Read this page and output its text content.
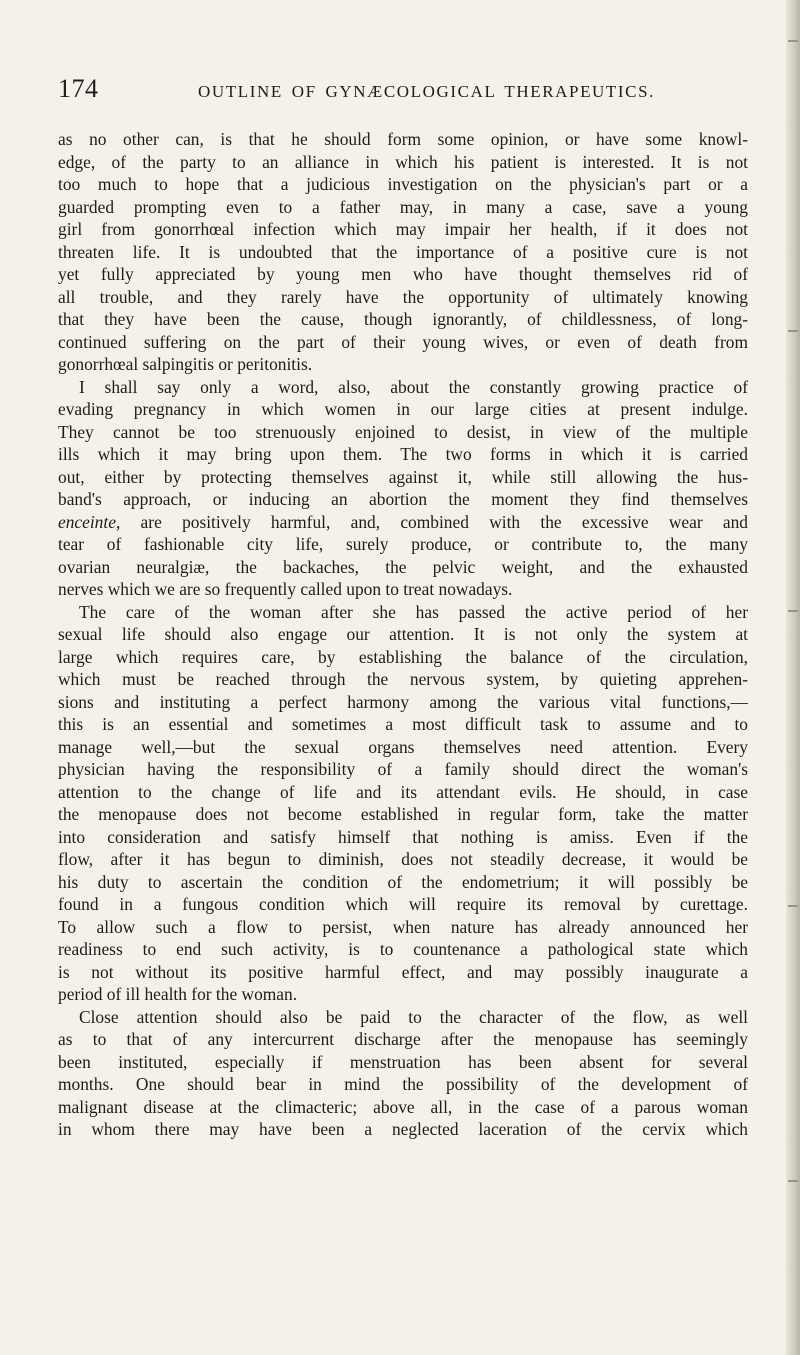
174	OUTLINE OF GYNÆCOLOGICAL THERAPEUTICS.
as no other can, is that he should form some opinion, or have some knowl-
edge, of the party to an alliance in which his patient is interested. It is not
too much to hope that a judicious investigation on the physician's part or a
guarded prompting even to a father may, in many a case, save a young
girl from gonorrhœal infection which may impair her health, if it does not
threaten life. It is undoubted that the importance of a positive cure is not
yet fully appreciated by young men who have thought themselves rid of
all trouble, and they rarely have the opportunity of ultimately knowing
that they have been the cause, though ignorantly, of childlessness, of long-
continued suffering on the part of their young wives, or even of death from
gonorrhœal salpingitis or peritonitis.
I shall say only a word, also, about the constantly growing practice of
evading pregnancy in which women in our large cities at present indulge.
They cannot be too strenuously enjoined to desist, in view of the multiple
ills which it may bring upon them. The two forms in which it is carried
out, either by protecting themselves against it, while still allowing the hus-
band's approach, or inducing an abortion the moment they find themselves
enceinte, are positively harmful, and, combined with the excessive wear and
tear of fashionable city life, surely produce, or contribute to, the many
ovarian neuralgiæ, the backaches, the pelvic weight, and the exhausted
nerves which we are so frequently called upon to treat nowadays.
The care of the woman after she has passed the active period of her
sexual life should also engage our attention. It is not only the system at
large which requires care, by establishing the balance of the circulation,
which must be reached through the nervous system, by quieting apprehen-
sions and instituting a perfect harmony among the various vital functions,—
this is an essential and sometimes a most difficult task to assume and to
manage well,—but the sexual organs themselves need attention. Every
physician having the responsibility of a family should direct the woman's
attention to the change of life and its attendant evils. He should, in case
the menopause does not become established in regular form, take the matter
into consideration and satisfy himself that nothing is amiss. Even if the
flow, after it has begun to diminish, does not steadily decrease, it would be
his duty to ascertain the condition of the endometrium; it will possibly be
found in a fungous condition which will require its removal by curettage.
To allow such a flow to persist, when nature has already announced her
readiness to end such activity, is to countenance a pathological state which
is not without its positive harmful effect, and may possibly inaugurate a
period of ill health for the woman.
Close attention should also be paid to the character of the flow, as well
as to that of any intercurrent discharge after the menopause has seemingly
been instituted, especially if menstruation has been absent for several
months. One should bear in mind the possibility of the development of
malignant disease at the climacteric; above all, in the case of a parous woman
in whom there may have been a neglected laceration of the cervix which
